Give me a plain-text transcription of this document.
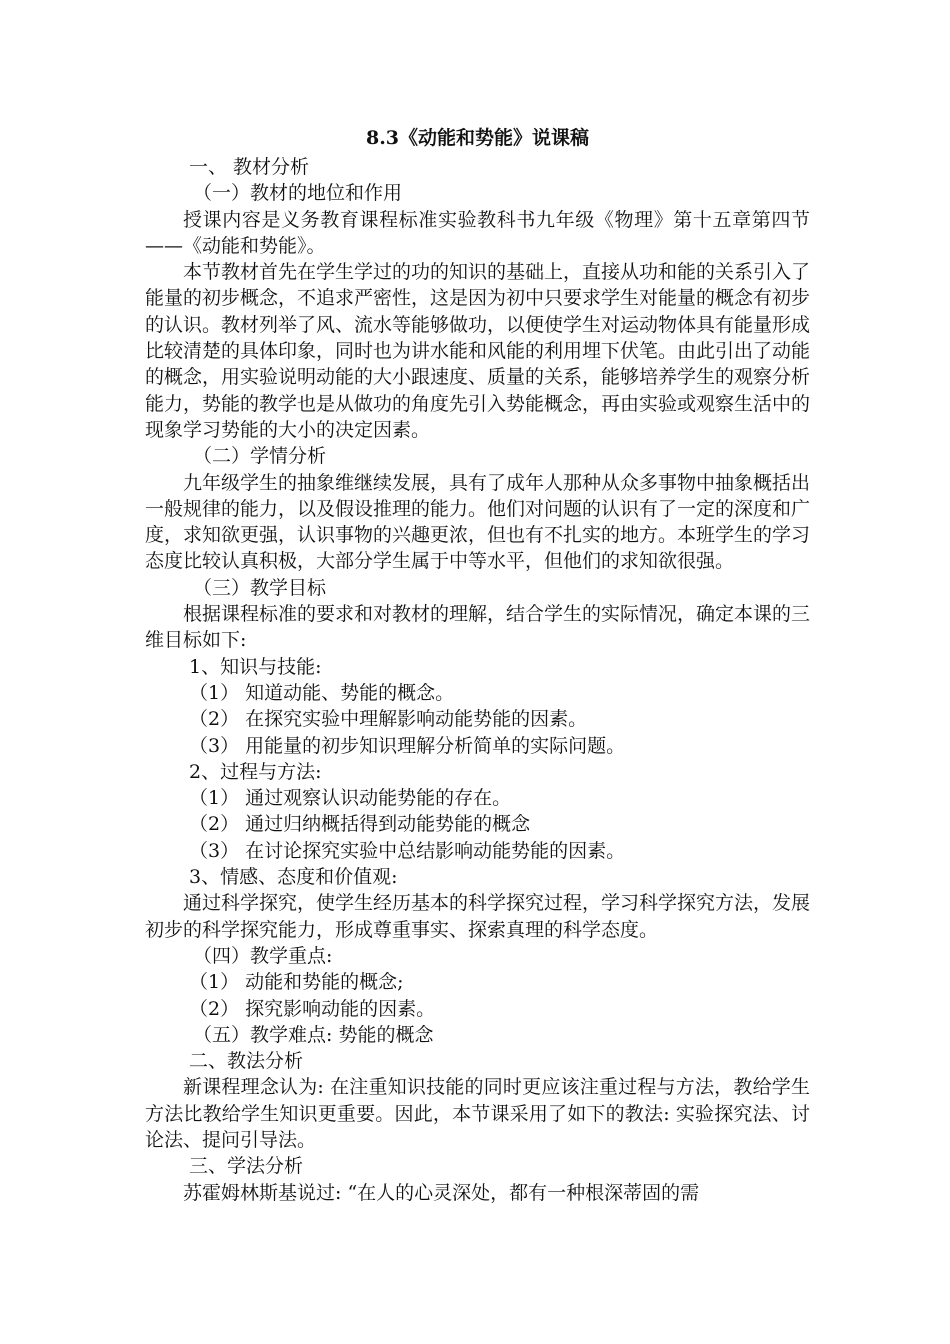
8.3《动能和势能》说课稿

一、 教材分析

（一）教材的地位和作用

授课内容是义务教育课程标准实验教科书九年级《物理》第十五章第四节——《动能和势能》。

本节教材首先在学生学过的功的知识的基础上，直接从功和能的关系引入了能量的初步概念，不追求严密性，这是因为初中只要求学生对能量的概念有初步的认识。教材列举了风、流水等能够做功，以便使学生对运动物体具有能量形成比较清楚的具体印象，同时也为讲水能和风能的利用埋下伏笔。由此引出了动能的概念，用实验说明动能的大小跟速度、质量的关系，能够培养学生的观察分析能力，势能的教学也是从做功的角度先引入势能概念，再由实验或观察生活中的现象学习势能的大小的决定因素。

（二）学情分析

九年级学生的抽象维继续发展，具有了成年人那种从众多事物中抽象概括出一般规律的能力，以及假设推理的能力。他们对问题的认识有了一定的深度和广度，求知欲更强，认识事物的兴趣更浓，但也有不扎实的地方。本班学生的学习态度比较认真积极，大部分学生属于中等水平，但他们的求知欲很强。

（三）教学目标

根据课程标准的要求和对教材的理解，结合学生的实际情况，确定本课的三维目标如下:

1、知识与技能:

（1） 知道动能、势能的概念。

（2） 在探究实验中理解影响动能势能的因素。

（3） 用能量的初步知识理解分析简单的实际问题。

2、过程与方法:

（1） 通过观察认识动能势能的存在。

（2） 通过归纳概括得到动能势能的概念

（3） 在讨论探究实验中总结影响动能势能的因素。

3、情感、态度和价值观:

通过科学探究，使学生经历基本的科学探究过程，学习科学探究方法，发展初步的科学探究能力，形成尊重事实、探索真理的科学态度。

（四）教学重点:

（1） 动能和势能的概念;

（2） 探究影响动能的因素。

（五）教学难点: 势能的概念

二、教法分析

新课程理念认为: 在注重知识技能的同时更应该注重过程与方法，教给学生方法比教给学生知识更重要。因此，本节课采用了如下的教法: 实验探究法、讨论法、提问引导法。

三、学法分析

苏霍姆林斯基说过: “在人的心灵深处，都有一种根深蒂固的需
